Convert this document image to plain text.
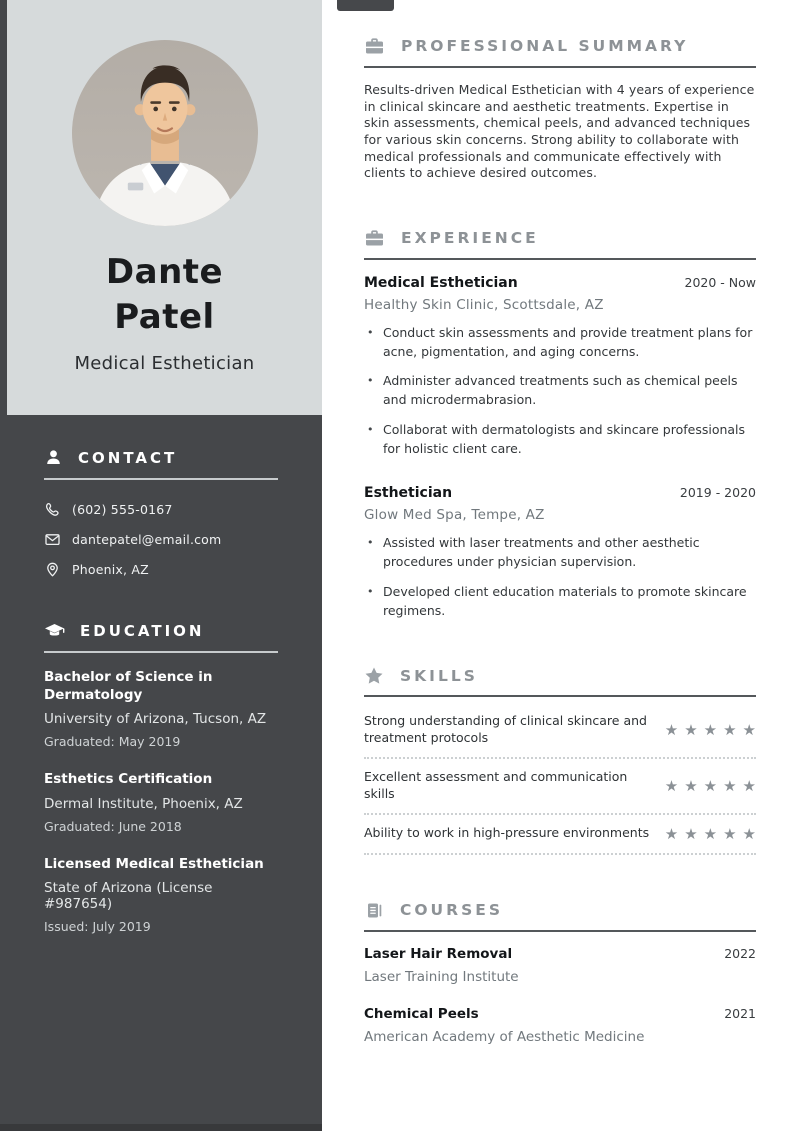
Dante
Patel
Medical Esthetician
CONTACT
(602) 555-0167
dantepatel@email.com
Phoenix, AZ
EDUCATION
Bachelor of Science in Dermatology
University of Arizona, Tucson, AZ
Graduated: May 2019
Esthetics Certification
Dermal Institute, Phoenix, AZ
Graduated: June 2018
Licensed Medical Esthetician
State of Arizona (License #987654)
Issued: July 2019
PROFESSIONAL SUMMARY

Results-driven Medical Esthetician with 4 years of experience in clinical skincare and aesthetic treatments. Expertise in skin assessments, chemical peels, and advanced techniques for various skin concerns. Strong ability to collaborate with medical professionals and communicate effectively with clients to achieve desired outcomes.

EXPERIENCE
Medical Esthetician	2020 - Now
Healthy Skin Clinic, Scottsdale, AZ
• Conduct skin assessments and provide treatment plans for acne, pigmentation, and aging concerns.
• Administer advanced treatments such as chemical peels and microdermabrasion.
• Collaborat with dermatologists and skincare professionals for holistic client care.
Esthetician	2019 - 2020
Glow Med Spa, Tempe, AZ
• Assisted with laser treatments and other aesthetic procedures under physician supervision.
• Developed client education materials to promote skincare regimens.
SKILLS
Strong understanding of clinical skincare and treatment protocols	★★★★★
Excellent assessment and communication skills	★★★★★
Ability to work in high-pressure environments ★★★★★
COURSES
Laser Hair Removal	2022
Laser Training Institute
Chemical Peels	2021
American Academy of Aesthetic Medicine
